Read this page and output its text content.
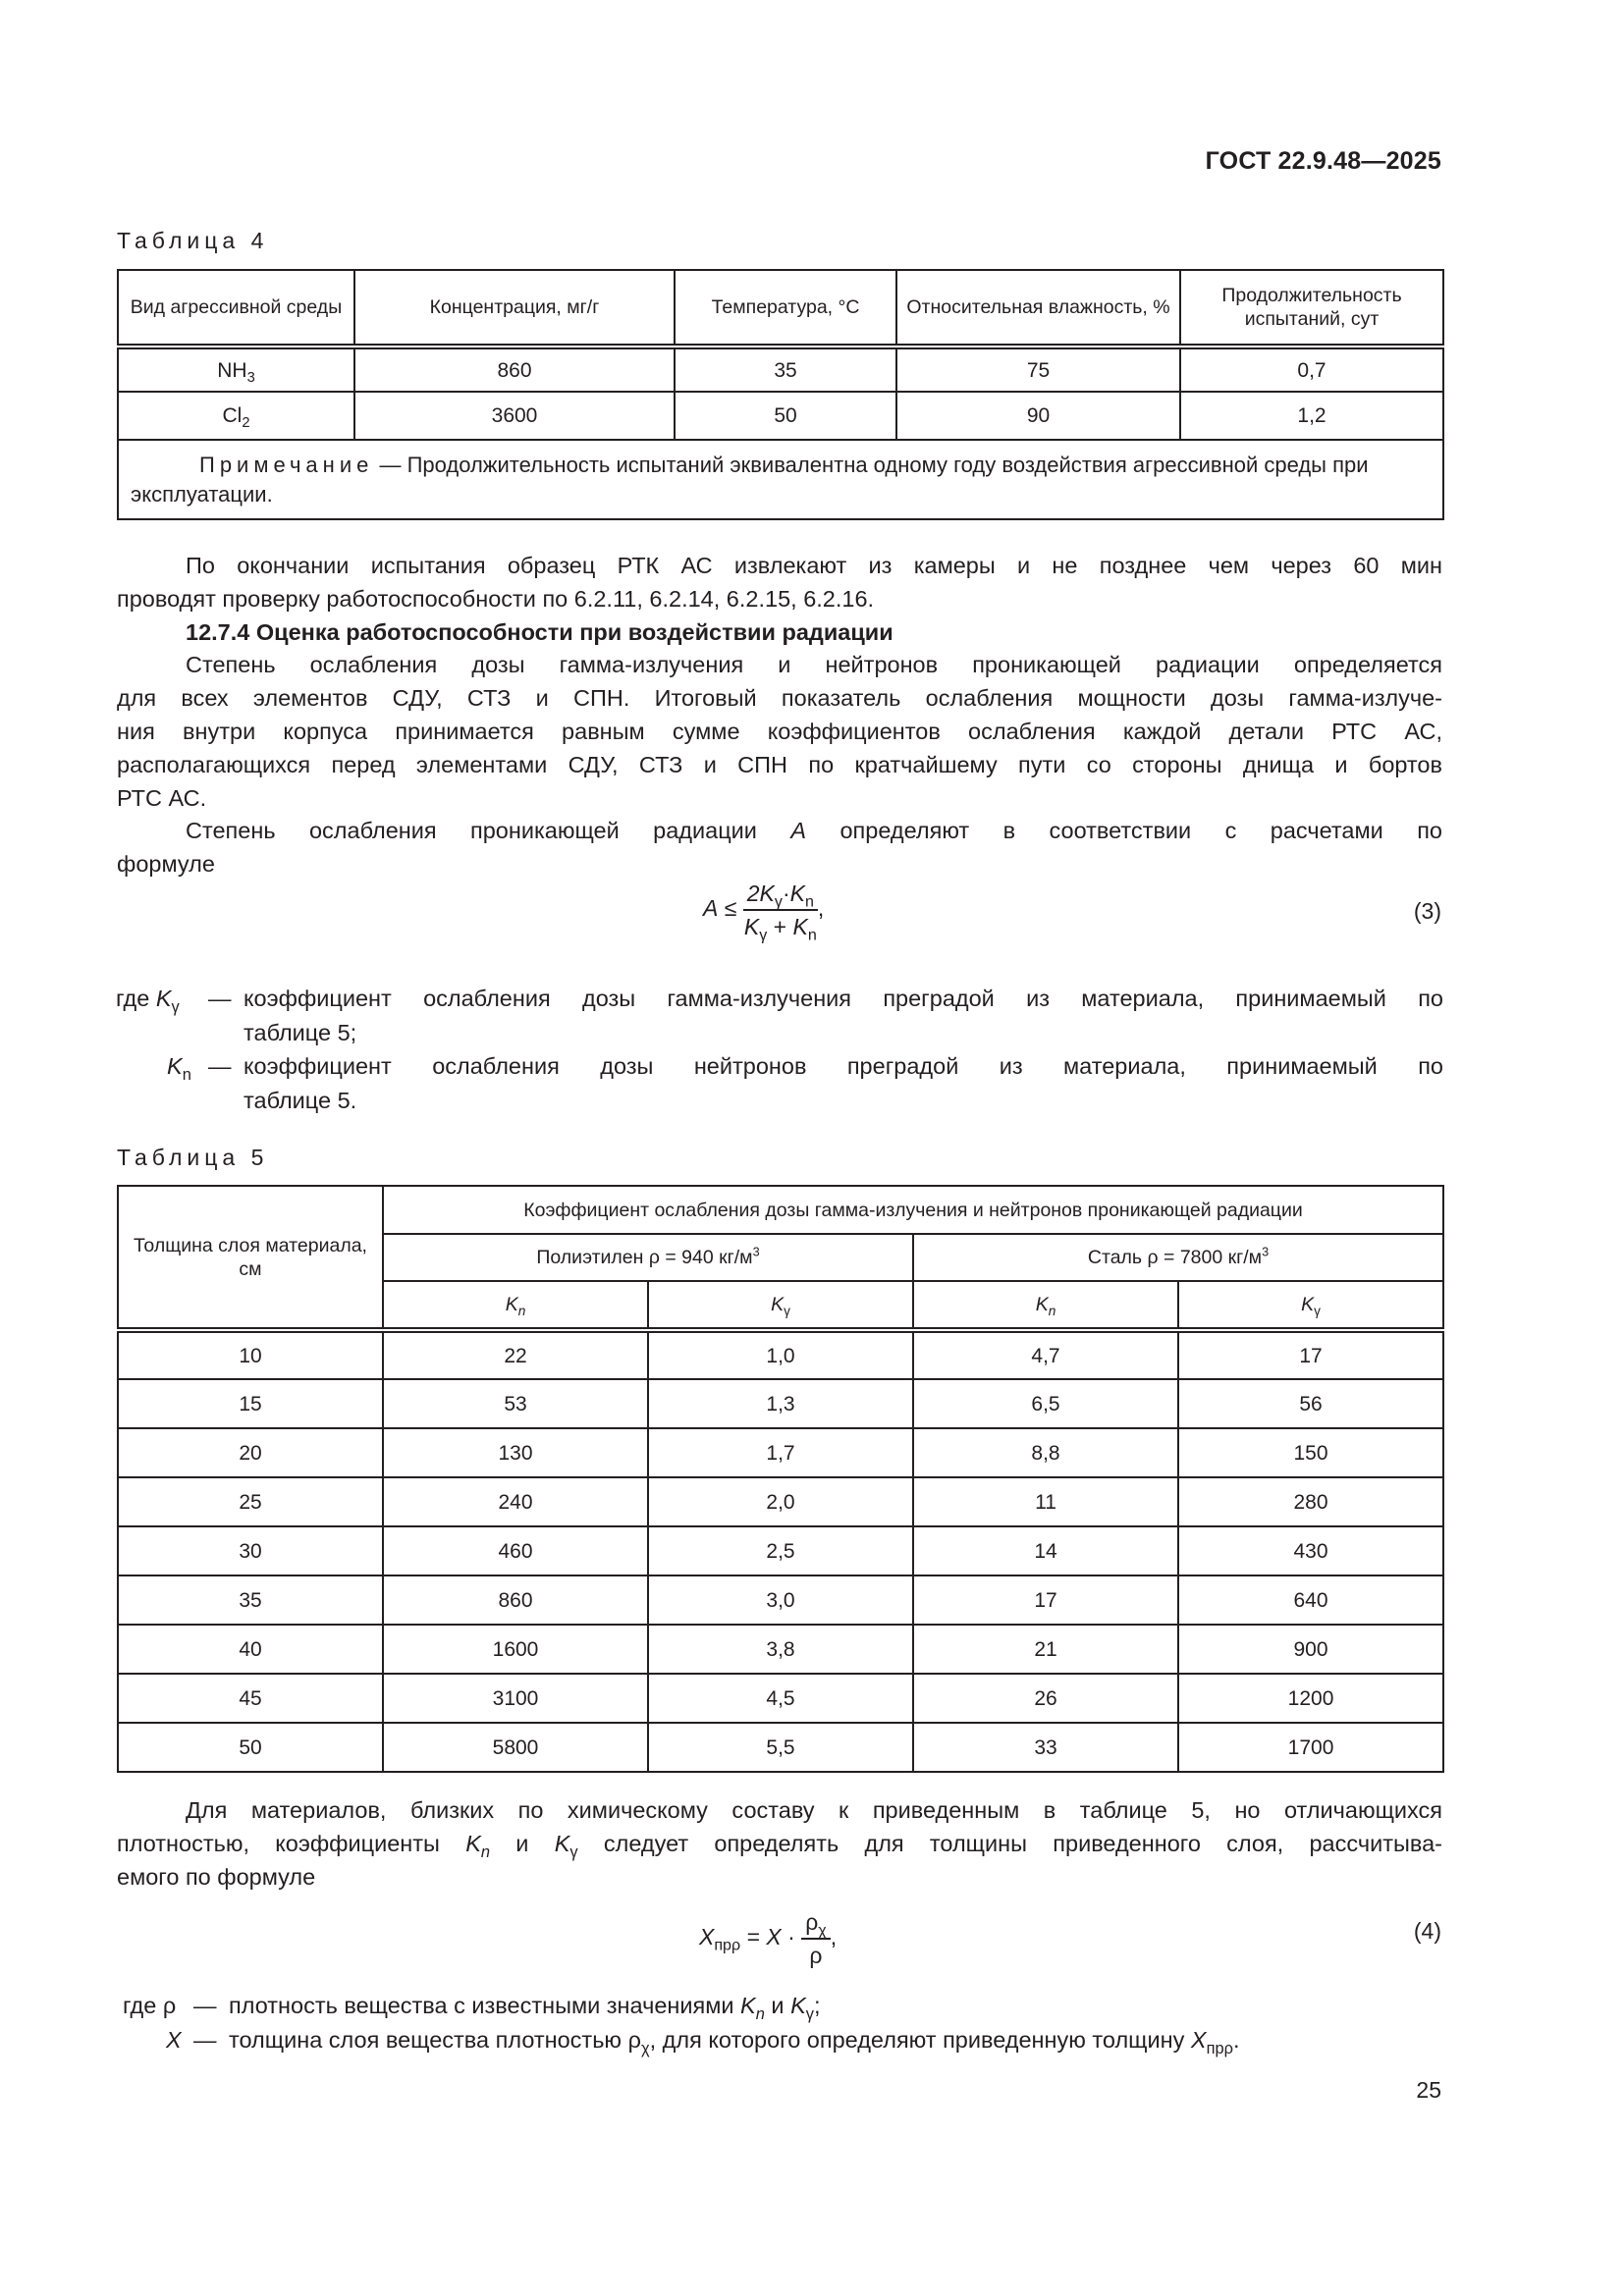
ГОСТ 22.9.48—2025
Таблица 4
Вид агрессивной среды	Концентрация, мг/г	Температура, °С	Относительная влажность, %	Продолжительность испытаний, сут
$NH_3$	860	35	75	0,7
$Cl_2$	3600	50	90	1,2
Примечание — Продолжительность испытаний эквивалентна одному году воздействия агрессивной среды при эксплуатации.				
По окончании испытания образец РТК АС извлекают из камеры и не позднее чем через 60 мин
проводят проверку работоспособности по 6.2.11, 6.2.14, 6.2.15, 6.2.16.
12.7.4 Оценка работоспособности при воздействии радиации
Степень ослабления дозы гамма-излучения и нейтронов проникающей радиации определяется
для всех элементов СДУ, СТЗ и СПН. Итоговый показатель ослабления мощности дозы гамма-излуче-
ния внутри корпуса принимается равным сумме коэффициентов ослабления каждой детали РТС АС,
располагающихся перед элементами СДУ, СТЗ и СПН по кратчайшему пути со стороны днища и бортов
РТС АС.
Степень ослабления проникающей радиации A определяют в соответствии с расчетами по
формуле
$A \le \frac{2K_\gamma\cdot K_n}{K_\gamma + K_n}$ ,	(3)
где $K_\gamma$ — коэффициент ослабления дозы гамма-излучения преградой из материала, принимаемый по
таблице 5;
$K_n$ — коэффициент ослабления дозы нейтронов преградой из материала, принимаемый по
таблице 5.
Таблица 5
Толщина слоя материала, см	Коэффициент ослабления дозы гамма-излучения и нейтронов проникающей радиации			
	Полиэтилен ρ = 940 $кг/м^3$		Сталь ρ = 7800 $кг/м^3$
	$K_n$	$K_\gamma$	$K_n$	$K_\gamma$
10	22	1,0	4,7	17
15	53	1,3	6,5	56
20	130	1,7	8,8	150
25	240	2,0	11	280
30	460	2,5	14	430
35	860	3,0	17	640
40	1600	3,8	21	900
45	3100	4,5	26	1200
50	5800	5,5	33	1700
Для материалов, близких по химическому составу к приведенным в таблице 5, но отличающихся
плотностью, коэффициенты $K_n$ и $K_\gamma$ следует определять для толщины приведенного слоя, рассчитыва-
емого по формуле
$X_{пр\rho} = X \cdot \frac{\rho_\chi}{\rho}$ ,	(4)
где ρ — плотность вещества с известными значениями $K_n$ и $K_\gamma$;
X — толщина слоя вещества плотностью $\rho_\chi$, для которого определяют приведенную толщину $X_{пр\rho}$.
25
